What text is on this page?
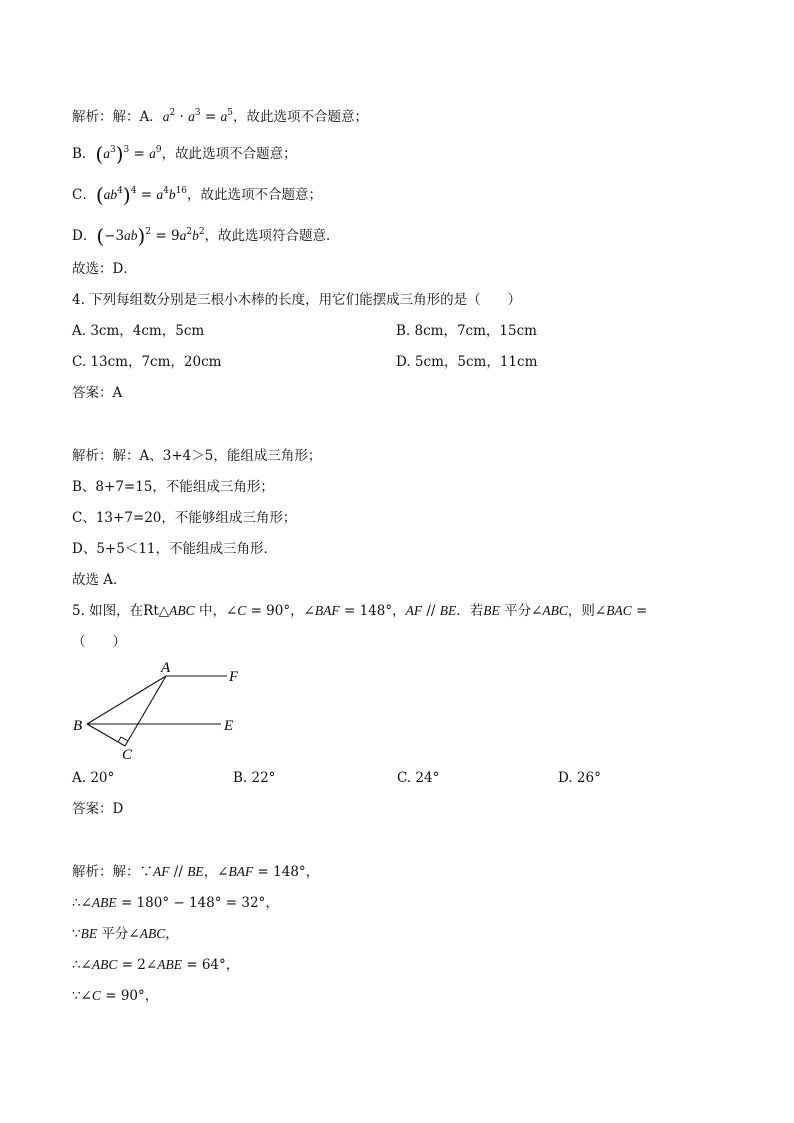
解析：解：A．$a^2 \cdot a^3 = a^5$，故此选项不合题意；
B．$(a^3)^3 = a^9$，故此选项不合题意；
C．$(ab^4)^4 = a^4b^{16}$，故此选项不合题意；
D．$(-3ab)^2 = 9a^2b^2$，故此选项符合题意．
故选：D．
4. 下列每组数分别是三根小木棒的长度，用它们能摆成三角形的是（　　）
A. 3cm，4cm，5cm	B. 8cm，7cm，15cm
C. 13cm，7cm，20cm	D. 5cm，5cm，11cm
答案：A
解析：解：A、3+4＞5，能组成三角形；
B、8+7=15，不能组成三角形；
C、13+7=20，不能够组成三角形；
D、5+5＜11，不能组成三角形．
故选 A．
5. 如图，在Rt△ABC 中，∠C = 90°，∠BAF = 148°，AF // BE．若BE 平分∠ABC，则∠BAC =
（　　）
A
F
B	E
C
A. 20°	B. 22°	C. 24°	D. 26°
答案：D
解析：解：∵AF // BE，∠BAF = 148°，
∴∠ABE = 180° − 148° = 32°，
∵BE 平分∠ABC，
∴∠ABC = 2∠ABE = 64°，
∵∠C = 90°，
